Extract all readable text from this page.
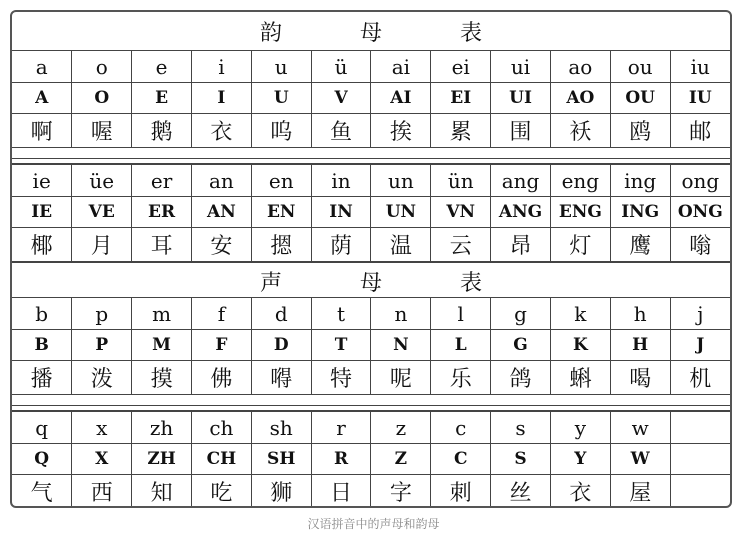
韵	母	表
a	o	e	i	u	ü	ai	ei	ui	ao	ou	iu
A	O	E	I	U	V	AI	EI	UI	AO	OU	IU
啊	喔	鹅	衣	呜	鱼	挨	累	围	袄	鸥	邮
ie	üe	er	an	en	in	un	ün	ang	eng	ing	ong
IE	VE	ER	AN	EN	IN	UN	VN	ANG	ENG	ING	ONG
椰	月	耳	安	摁	荫	温	云	昂	灯	鹰	嗡
声	母	表
b	p	m	f	d	t	n	l	g	k	h	j
B	P	M	F	D	T	N	L	G	K	H	J
播	泼	摸	佛	嘚	特	呢	乐	鸽	蝌	喝	机
q	x	zh	ch	sh	r	z	c	s	y	w	
Q	X	ZH	CH	SH	R	Z	C	S	Y	W	
气	西	知	吃	狮	日	字	刺	丝	衣	屋	
汉语拼音中的声母和韵母
